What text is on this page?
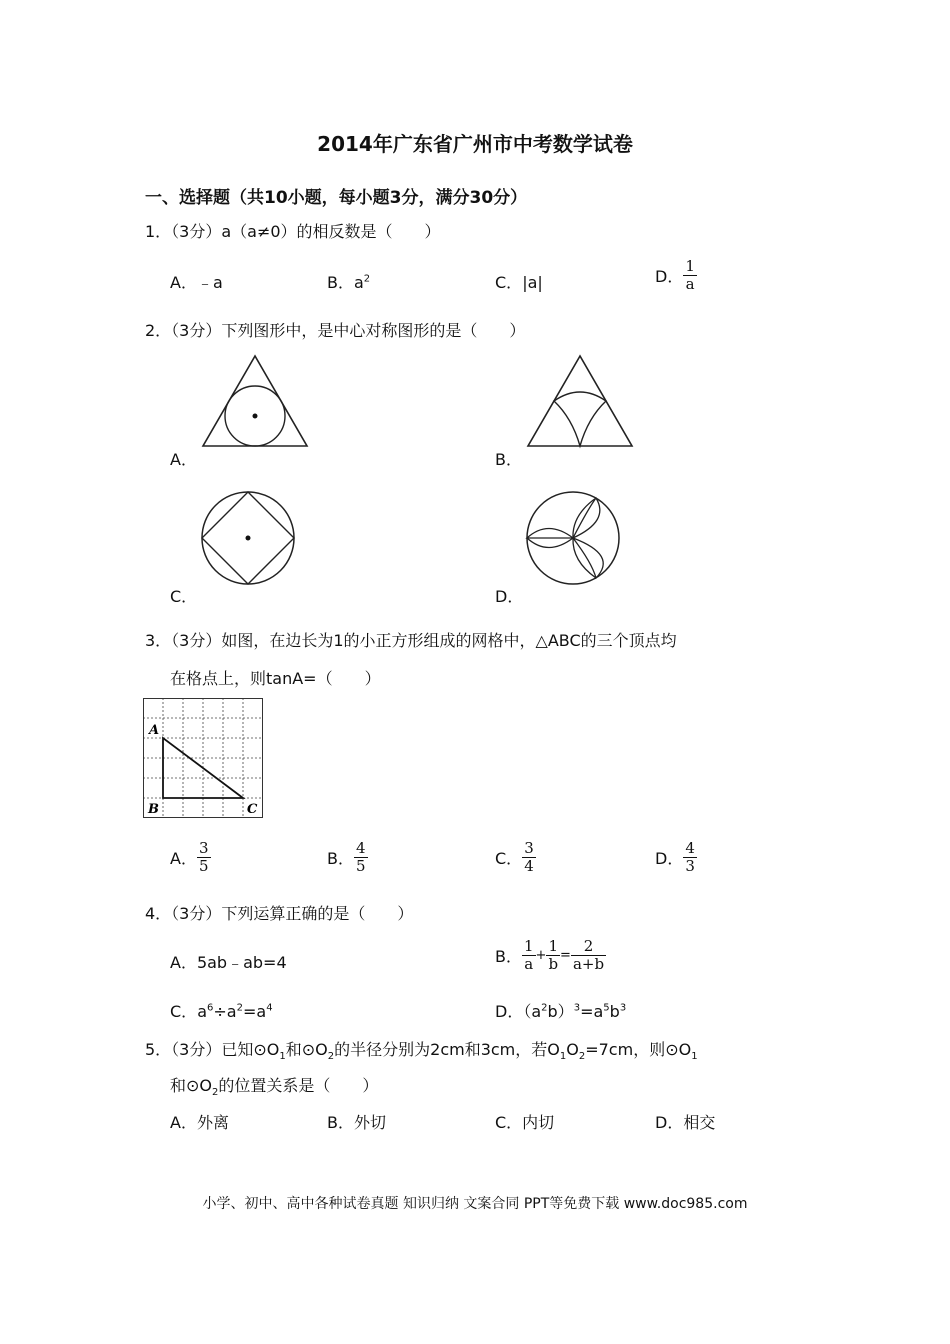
2014年广东省广州市中考数学试卷
一、选择题（共10小题，每小题3分，满分30分）
1．（3分）a（a≠0）的相反数是（　　）
A．﹣a	B．$a^2$	C．|a|	D． $\frac{1}{a}$
2．（3分）下列图形中，是中心对称图形的是（　　）
A．	B．
C．	D．
3．（3分）如图，在边长为1的小正方形组成的网格中，△ABC的三个顶点均
在格点上，则tanA=（　　）
A
B	C
A． $\frac{3}{5}$	B． $\frac{4}{5}$	C． $\frac{3}{4}$	D． $\frac{4}{3}$
4．（3分）下列运算正确的是（　　）
A．5ab﹣ab=4	B． $\frac{1}{a} + \frac{1}{b} = \frac{2}{a+b}$
C．$a^6\div a^2=a^4$	D．$(a^2b)^3=a^5b^3$
5．（3分）已知$⊙O_1$和$⊙O_2$的半径分别为2cm和3cm，若$O_1O_2=7cm$，则$⊙O_1$
和$⊙O_2$的位置关系是（　　）
A．外离	B．外切	C．内切	D．相交
小学、初中、高中各种试卷真题 知识归纳 文案合同 PPT等免费下载 www.doc985.com
